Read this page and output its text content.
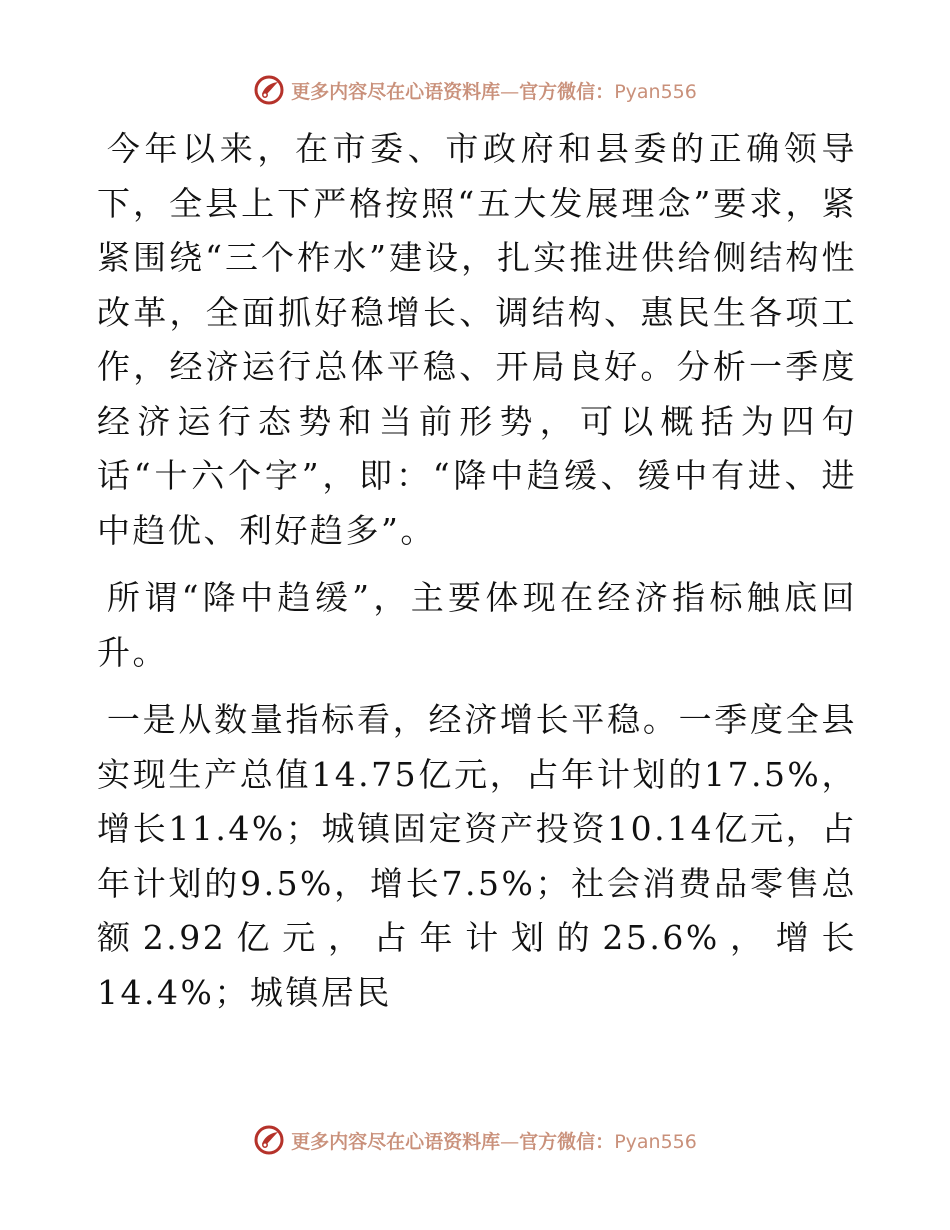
更多内容尽在心语资料库—官方微信：Pyan556

今年以来，在市委、市政府和县委的正确领导下，全县上下严格按照“五大发展理念”要求，紧紧围绕“三个柞水”建设，扎实推进供给侧结构性改革，全面抓好稳增长、调结构、惠民生各项工作，经济运行总体平稳、开局良好。分析一季度经济运行态势和当前形势，可以概括为四句话“十六个字”，即：“降中趋缓、缓中有进、进中趋优、利好趋多”。

所谓“降中趋缓”，主要体现在经济指标触底回升。

一是从数量指标看，经济增长平稳。一季度全县实现生产总值14.75亿元，占年计划的17.5%，增长11.4%；城镇固定资产投资10.14亿元，占年计划的9.5%，增长7.5%；社会消费品零售总额2.92亿元，占年计划的25.6%，增长14.4%；城镇居民

更多内容尽在心语资料库—官方微信：Pyan556
